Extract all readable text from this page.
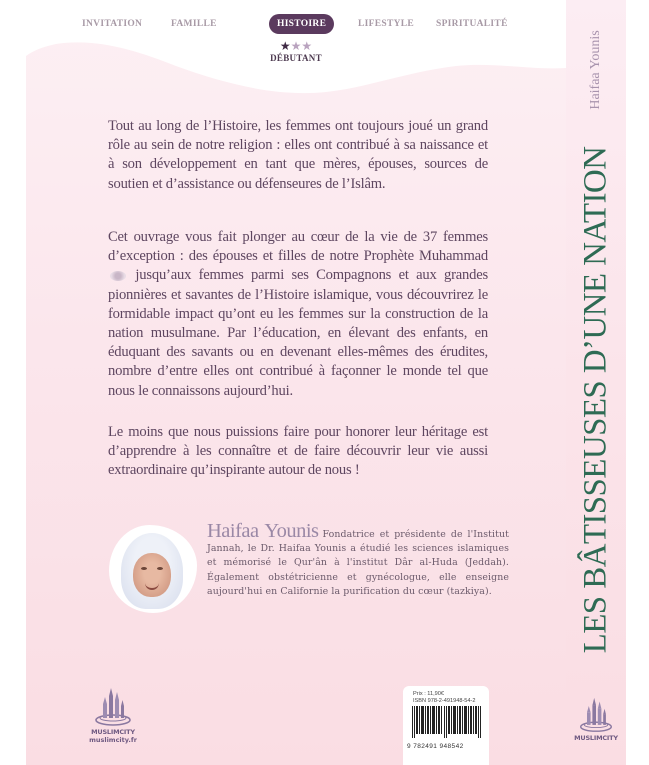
INVITATION	FAMILLE	HISTOIRE	LIFESTYLE SPIRITUALITÉ
★★★
DÉBUTANT

Tout au long de l’Histoire, les femmes ont toujours joué un grand rôle au sein de notre religion : elles ont contribué à sa naissance et à son développement en tant que mères, épouses, sources de soutien et d’assistance ou défenseures de l’Islâm.

Cet ouvrage vous fait plonger au cœur de la vie de 37 femmes d’exception : des épouses et filles de notre Prophète Muhammad  jusqu’aux femmes parmi ses Compagnons et aux grandes pionnières et savantes de l’Histoire islamique, vous découvrirez le formidable impact qu’ont eu les femmes sur la construction de la nation musulmane. Par l’éducation, en élevant des enfants, en éduquant des savants ou en devenant elles-mêmes des érudites, nombre d’entre elles ont contribué à façonner le monde tel que nous le connaissons aujourd’hui.

Le moins que nous puissions faire pour honorer leur héritage est d’apprendre à les connaître et de faire découvrir leur vie aussi extraordinaire qu’inspirante autour de nous !

Haifaa Younis Fondatrice et présidente de l'Institut Jannah, le Dr. Haifaa Younis a étudié les sciences islamiques et mémorisé le Qur'ân à l'institut Dâr al-Huda (Jeddah). Également obstétricienne et gynécologue, elle enseigne aujourd'hui en Californie la purification du cœur (tazkiya).
MUSLIMCITY
muslimcity.fr
Prix : 11,90€
ISBN 978-2-491948-54-2
9 782491 948542
Haifaa Younis
LES BÂTISSEUSES D’UNE NATION
MUSLIMCITY
